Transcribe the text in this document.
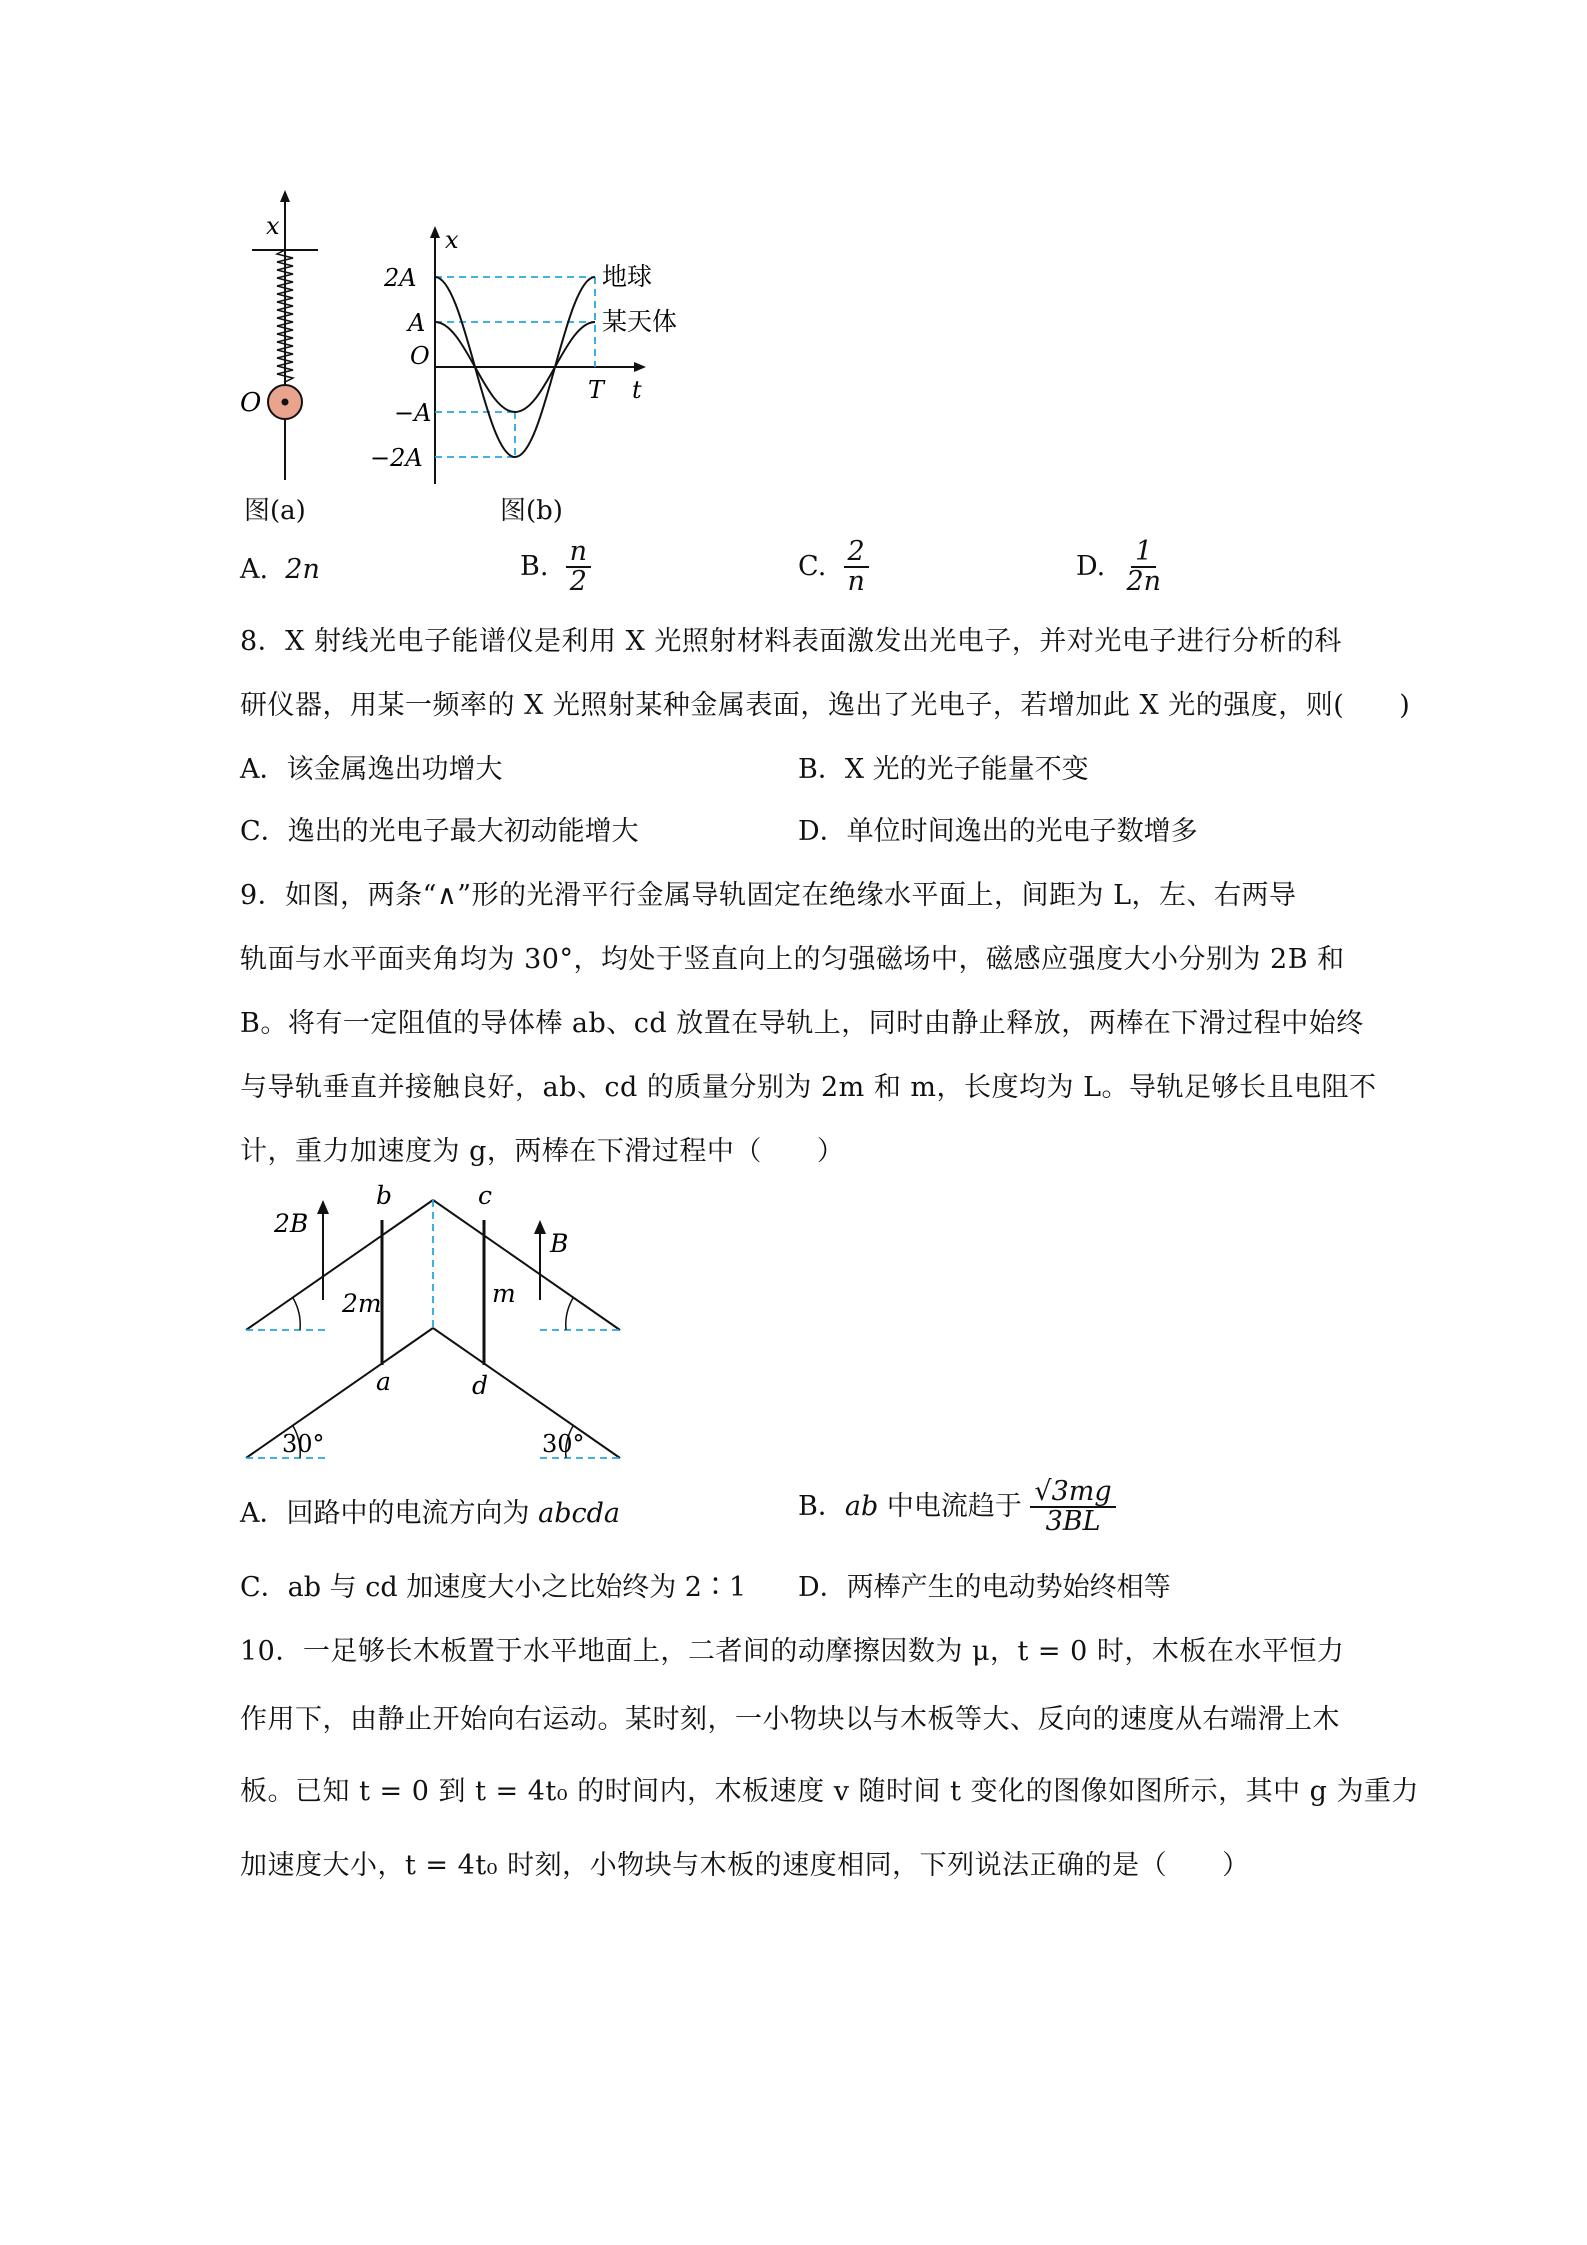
x
O
图(a)
x
t
O
T
2A
A
−A
−2A
地球
某天体
图(b)
A. 2n	B. $\frac{n}{2}$	C. $\frac{2}{n}$	D. $\frac{1}{2n}$
8．X 射线光电子能谱仪是利用 X 光照射材料表面激发出光电子，并对光电子进行分析的科
研仪器，用某一频率的 X 光照射某种金属表面，逸出了光电子，若增加此 X 光的强度，则(　　)
A．该金属逸出功增大	B．X 光的光子能量不变
C．逸出的光电子最大初动能增大	D．单位时间逸出的光电子数增多
9．如图，两条“∧”形的光滑平行金属导轨固定在绝缘水平面上，间距为 L，左、右两导
轨面与水平面夹角均为 30°，均处于竖直向上的匀强磁场中，磁感应强度大小分别为 2B 和
B。将有一定阻值的导体棒 ab、cd 放置在导轨上，同时由静止释放，两棒在下滑过程中始终
与导轨垂直并接触良好，ab、cd 的质量分别为 2m 和 m，长度均为 L。导轨足够长且电阻不
计，重力加速度为 g，两棒在下滑过程中（　　）
2B
B
2m	m
b	c
a	d
30°	30°
A．回路中的电流方向为 abcda	B．ab 中电流趋于 $\frac{√3mg}{3BL}$
C．ab 与 cd 加速度大小之比始终为 2∶1 D．两棒产生的电动势始终相等
10．一足够长木板置于水平地面上，二者间的动摩擦因数为 μ，t = 0 时，木板在水平恒力
作用下，由静止开始向右运动。某时刻，一小物块以与木板等大、反向的速度从右端滑上木
板。已知 t = 0 到 t = 4t₀ 的时间内，木板速度 v 随时间 t 变化的图像如图所示，其中 g 为重力
加速度大小，t = 4t₀ 时刻，小物块与木板的速度相同，下列说法正确的是（　　）
